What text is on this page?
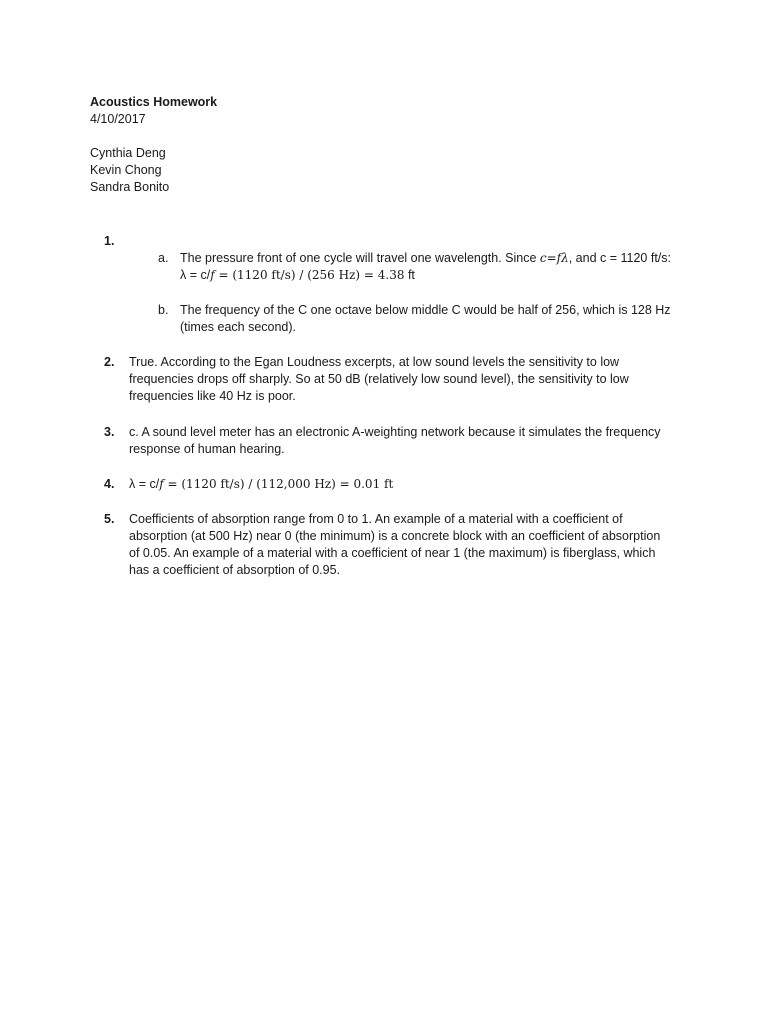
Acoustics Homework
4/10/2017
Cynthia Deng
Kevin Chong
Sandra Bonito
1.
a. The pressure front of one cycle will travel one wavelength. Since c=fλ, and c = 1120 ft/s:
λ = c/f = (1120 ft/s) / (256 Hz) = 4.38 ft
b. The frequency of the C one octave below middle C would be half of 256, which is 128 Hz (times each second).
2. True. According to the Egan Loudness excerpts, at low sound levels the sensitivity to low frequencies drops off sharply. So at 50 dB (relatively low sound level), the sensitivity to low frequencies like 40 Hz is poor.
3. c. A sound level meter has an electronic A-weighting network because it simulates the frequency response of human hearing.
4. λ = c/f = (1120 ft/s) / (112,000 Hz) = 0.01 ft
5. Coefficients of absorption range from 0 to 1. An example of a material with a coefficient of absorption (at 500 Hz) near 0 (the minimum) is a concrete block with an coefficient of absorption of 0.05. An example of a material with a coefficient of near 1 (the maximum) is fiberglass, which has a coefficient of absorption of 0.95.
